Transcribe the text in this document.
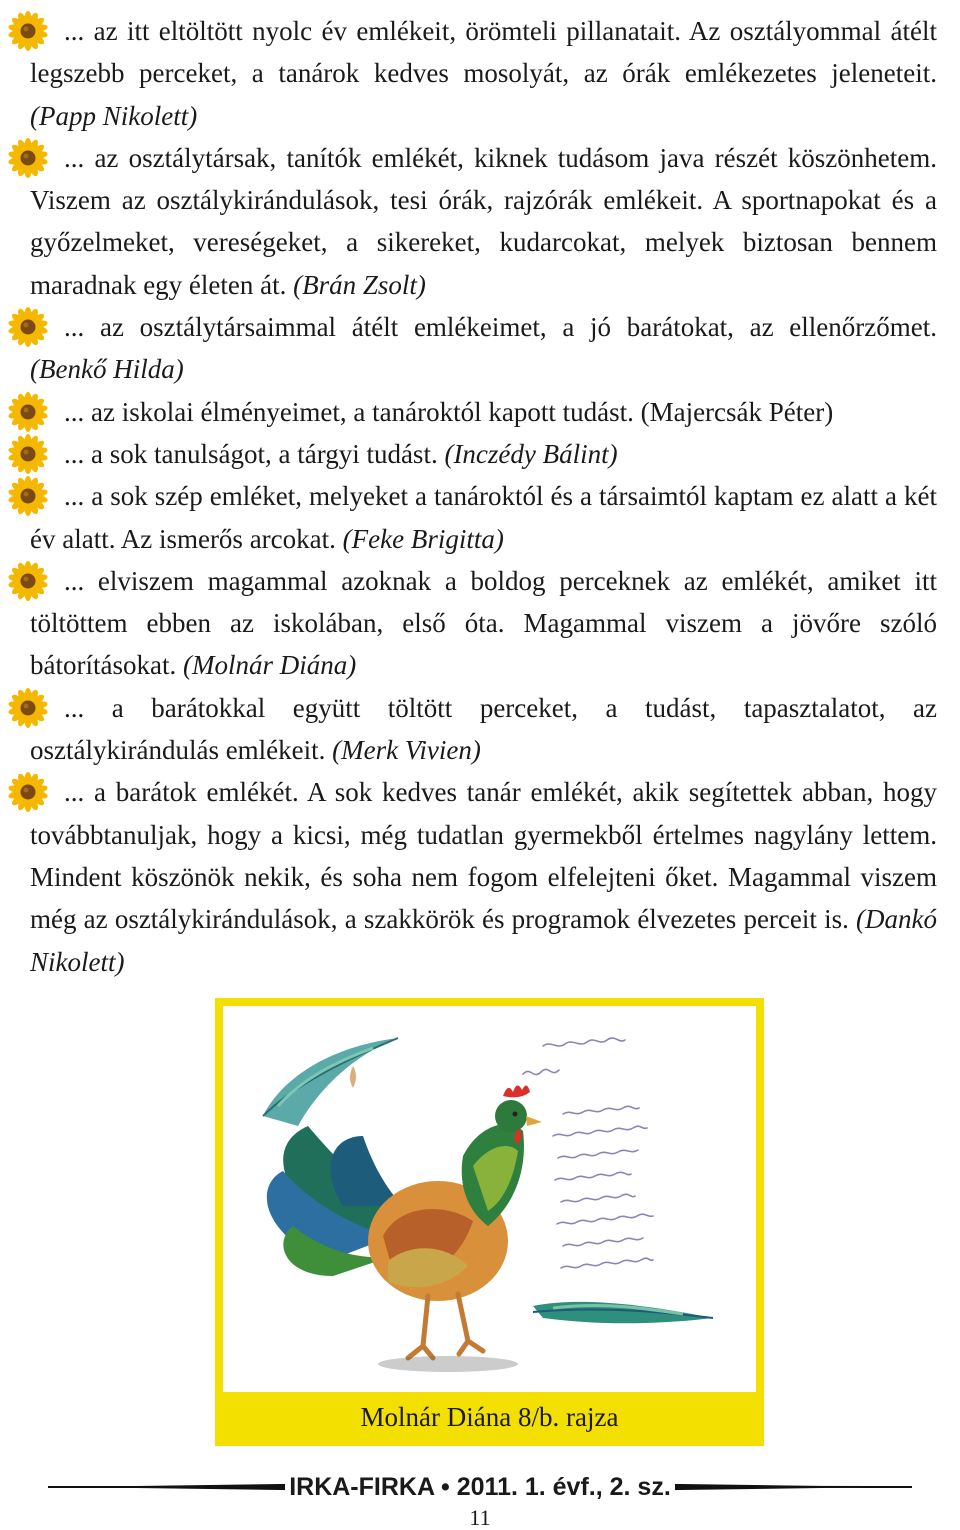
... az itt eltöltött nyolc év emlékeit, örömteli pillanatait. Az osztályommal átélt legszebb perceket, a tanárok kedves mosolyát, az órák emlékezetes jeleneteit. (Papp Nikolett)

... az osztálytársak, tanítók emlékét, kiknek tudásom java részét köszönhetem. Viszem az osztálykirándulások, tesi órák, rajzórák emlékeit. A sportnapokat és a győzelmeket, vereségeket, a sikereket, kudarcokat, melyek biztosan bennem maradnak egy életen át. (Brán Zsolt)

... az osztálytársaimmal átélt emlékeimet, a jó barátokat, az ellenőrzőmet. (Benkő Hilda)

... az iskolai élményeimet, a tanároktól kapott tudást. (Majercsák Péter)

... a sok tanulságot, a tárgyi tudást. (Inczédy Bálint)

... a sok szép emléket, melyeket a tanároktól és a társaimtól kaptam ez alatt a két év alatt. Az ismerős arcokat. (Feke Brigitta)

... elviszem magammal azoknak a boldog perceknek az emlékét, amiket itt töltöttem ebben az iskolában, első óta. Magammal viszem a jövőre szóló bátorításokat. (Molnár Diána)

... a barátokkal együtt töltött perceket, a tudást, tapasztalatot, az osztálykirándulás emlékeit. (Merk Vivien)

... a barátok emlékét. A sok kedves tanár emlékét, akik segítettek abban, hogy továbbtanuljak, hogy a kicsi, még tudatlan gyermekből értelmes nagylány lettem. Mindent köszönök nekik, és soha nem fogom elfelejteni őket. Magammal viszem még az osztálykirándulások, a szakkörök és programok élvezetes perceit is. (Dankó Nikolett)

Molnár Diána 8/b. rajza
IRKA-FIRKA • 2011. 1. évf., 2. sz.
11
